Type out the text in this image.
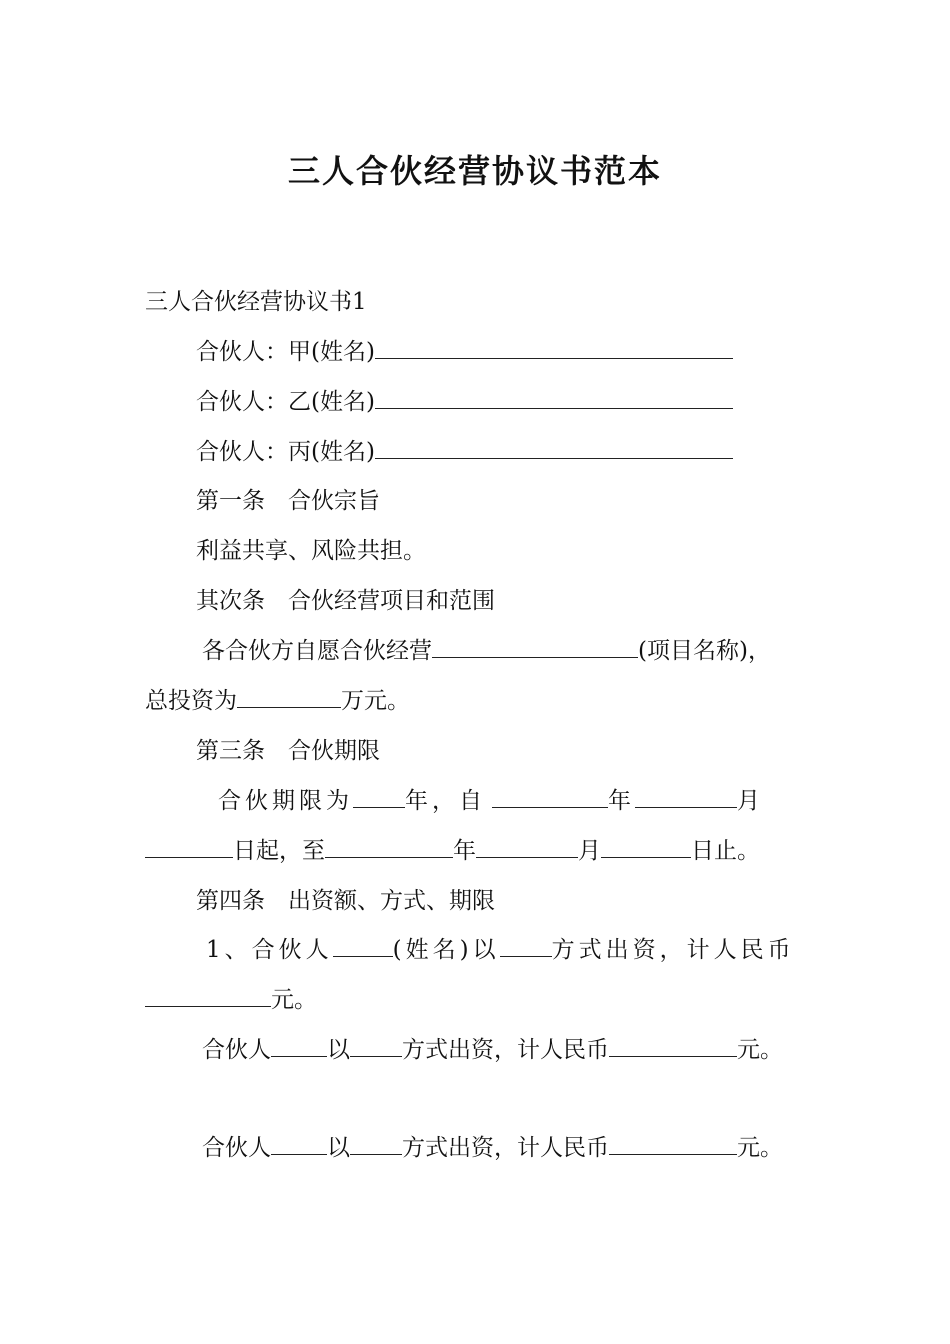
三人合伙经营协议书范本
三人合伙经营协议书1
合伙人：甲(姓名)
合伙人：乙(姓名)
合伙人：丙(姓名)
第一条　合伙宗旨
利益共享、风险共担。
其次条　合伙经营项目和范围
各合伙方自愿合伙经营	(项目名称)，
总投资为	万元。
第三条　合伙期限
合伙期限为 年，自	年	月
日起，至	年	月	日止。
第四条　出资额、方式、期限
1、合伙人	(姓名)以 方式出资，计人民币
元。
合伙人 以 方式出资，计人民币	元。
合伙人 以 方式出资，计人民币	元。
